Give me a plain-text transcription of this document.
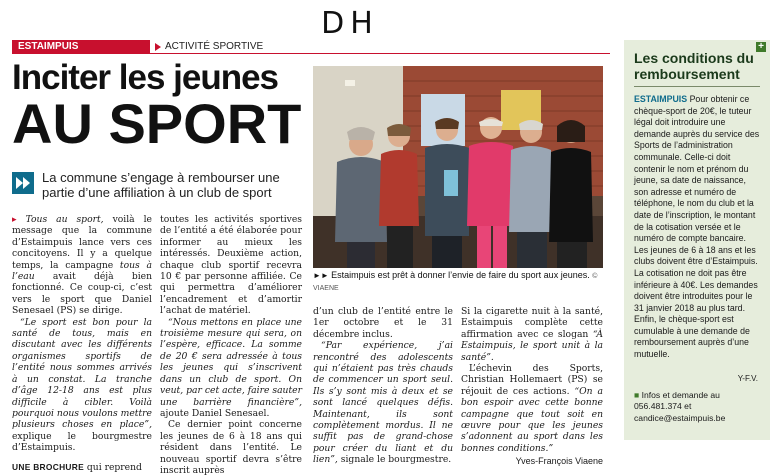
DH
ESTAIMPUIS	ACTIVITÉ SPORTIVE
Inciter les jeunes
AU SPORT
La commune s’engage à rembourser une partie d’une affiliation à un club de sport
►► Estaimpuis est prêt à donner l’envie de faire du sport aux jeunes. © VIAENE

▸ Tous au sport, voilà le message que la commune d’Estaimpuis lance vers ces concitoyens. Il y a quelque temps, la campagne tous à l’eau avait déjà bien fonctionné. Ce coup-ci, c’est vers le sport que Daniel Senesael (PS) se dirige.

“Le sport est bon pour la santé de tous, mais en discutant avec les différents organismes sportifs de l’entité nous sommes arrivés à un constat. La tranche d’âge 12-18 ans est plus difficile à cibler. Voilà pourquoi nous voulons mettre plusieurs choses en place”, explique le bourgmestre d’Estaimpuis.

UNE BROCHURE qui reprend

toutes les activités sportives de l’entité a été élaborée pour informer au mieux les intéressés. Deuxième action, chaque club sportif recevra 10 € par personne affiliée. Ce qui permettra d’améliorer l’encadrement et d’amortir l’achat de matériel.

“Nous mettons en place une troisième mesure qui sera, on l’espère, efficace. La somme de 20 € sera adressée à tous les jeunes qui s’inscrivent dans un club de sport. On veut, par cet acte, faire sauter une barrière financière”, ajoute Daniel Senesael.

Ce dernier point concerne les jeunes de 6 à 18 ans qui résident dans l’entité. Le nouveau sportif devra s’être inscrit auprès

d’un club de l’entité entre le 1er octobre et le 31 décembre inclus.

“Par expérience, j’ai rencontré des adolescents qui n’étaient pas très chauds de commencer un sport seul. Ils s’y sont mis à deux et se sont lancé quelques défis. Maintenant, ils sont complètement mordus. Il ne suffit pas de grand-chose pour créer du liant et du lien”, signale le bourgmestre.

Si la cigarette nuit à la santé, Estaimpuis complète cette affirmation avec ce slogan “À Estaimpuis, le sport unit à la santé”.

L’échevin des Sports, Christian Hollemaert (PS) se réjouit de ces actions. “On a bon espoir avec cette bonne campagne que tout soit en œuvre pour que les jeunes s’adonnent au sport dans les bonnes conditions.”

Yves-François Viaene
+
Les conditions du remboursement
ESTAIMPUIS Pour obtenir ce chèque-sport de 20€, le tuteur légal doit introduire une demande auprès du service des Sports de l’administration communale. Celle-ci doit contenir le nom et prénom du jeune, sa date de naissance, son adresse et numéro de téléphone, le nom du club et la date de l’inscription, le montant de la cotisation versée et le numéro de compte bancaire. Les jeunes de 6 à 18 ans et les clubs doivent être d’Estaimpuis. La cotisation ne doit pas être inférieure à 40€. Les demandes doivent être introduites pour le 31 janvier 2018 au plus tard. Enfin, le chèque-sport est cumulable à une demande de remboursement auprès d’une mutuelle.
Y-F.V.
■ Infos et demande au
056.481.374 et
candice@estaimpuis.be
